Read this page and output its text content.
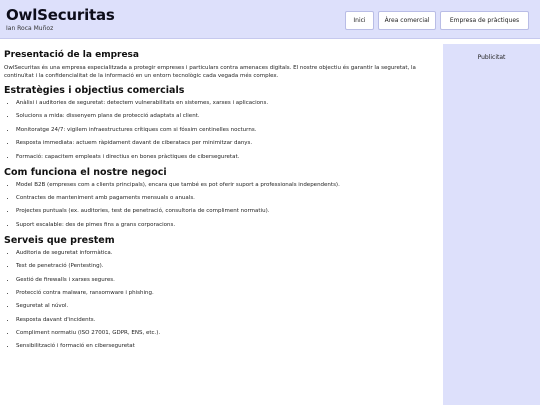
OwlSecuritas
Ian Roca Muñoz
Inici	Àrea comercial	Empresa de pràctiques
Presentació de la empresa

OwlSecuritas és una empresa especialitzada a protegir empreses i particulars contra amenaces digitals. El nostre objectiu és garantir la seguretat, la continuïtat i la confidencialitat de la informació en un entorn tecnològic cada vegada més complex.

Estratègies i objectius comercials
• Anàlisi i auditories de seguretat: detectem vulnerabilitats en sistemes, xarxes i aplicacions.
• Solucions a mida: dissenyem plans de protecció adaptats al client.
• Monitoratge 24/7: vigilem infraestructures crítiques com si fóssim centinelles nocturns.
• Resposta immediata: actuem ràpidament davant de ciberatacs per minimitzar danys.
• Formació: capacitem empleats i directius en bones pràctiques de ciberseguretat.
Com funciona el nostre negoci
• Model B2B (empreses com a clients principals), encara que també es pot oferir suport a professionals independents).
• Contractes de manteniment amb pagaments mensuals o anuals.
• Projectes puntuals (ex. auditories, test de penetració, consultoria de compliment normatiu).
• Suport escalable: des de pimes fins a grans corporacions.
Serveis que prestem
• Auditoria de seguretat informàtica.
• Test de penetració (Pentesting).
• Gestió de firewalls i xarxes segures.
• Protecció contra malware, ransomware i phishing.
• Seguretat al núvol.
• Resposta davant d'incidents.
• Compliment normatiu (ISO 27001, GDPR, ENS, etc.).
• Sensibilització i formació en ciberseguretat
Publicitat
